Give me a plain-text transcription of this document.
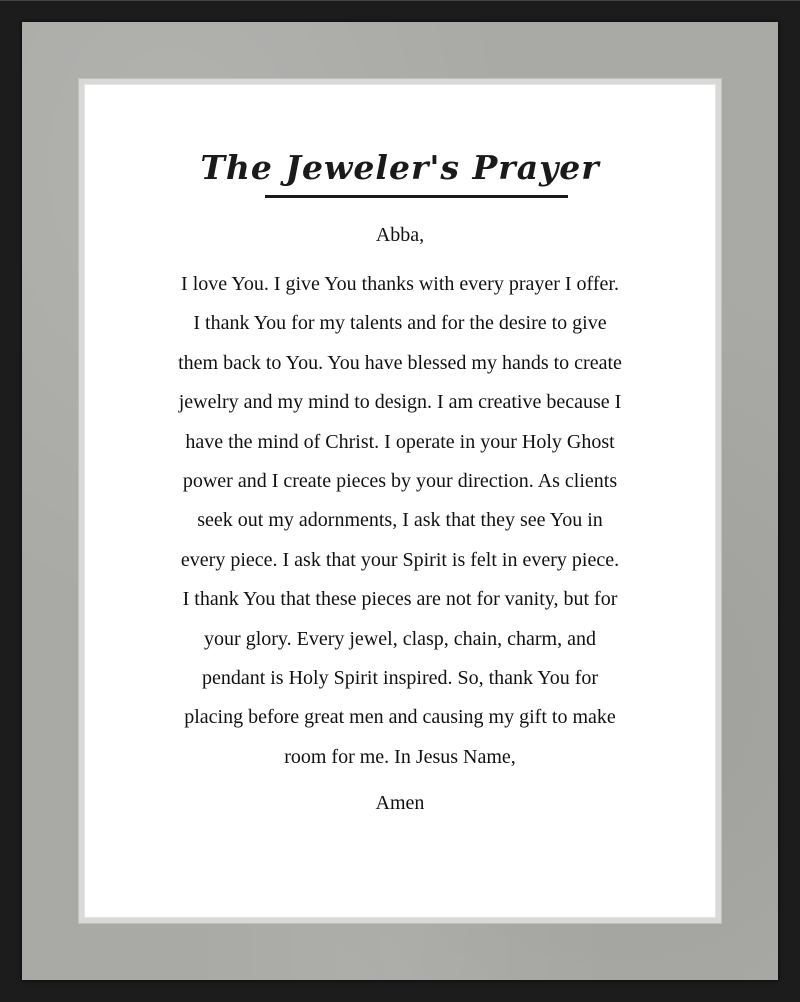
The Jeweler's Prayer

Abba,

I love You. I give You thanks with every prayer I offer.
I thank You for my talents and for the desire to give
them back to You. You have blessed my hands to create
jewelry and my mind to design. I am creative because I
have the mind of Christ. I operate in your Holy Ghost
power and I create pieces by your direction. As clients
seek out my adornments, I ask that they see You in
every piece. I ask that your Spirit is felt in every piece.
I thank You that these pieces are not for vanity, but for
your glory. Every jewel, clasp, chain, charm, and
pendant is Holy Spirit inspired. So, thank You for
placing before great men and causing my gift to make
room for me. In Jesus Name,

Amen
